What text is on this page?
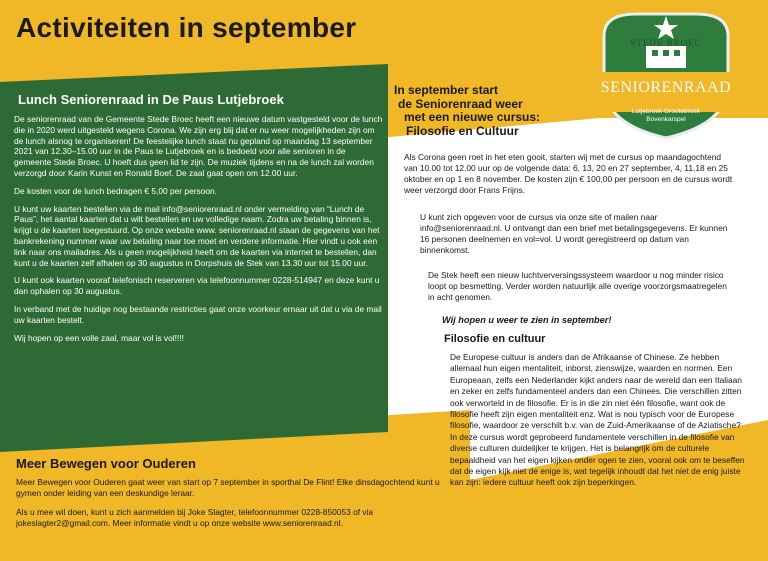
Activiteiten in september	STEDE BROEC
SENIORENRAAD
Lutjebroek Grootebroek
Bovenkarspel
Lunch Seniorenraad in De Paus Lutjebroek

De seniorenraad van de Gemeente Stede Broec heeft een nieuwe datum vastgesteld voor de lunch die in 2020 werd uitgesteld wegens Corona. We zijn erg blij dat er nu weer mogelijkheden zijn om de lunch alsnog te organiseren! De feestelijke lunch staat nu gepland op maandag 13 september 2021 van 12.30–15.00 uur in de Paus te Lutjebroek en is bedoeld voor alle senioren in de gemeente Stede Broec. U hoeft dus geen lid te zijn. De muziek tijdens en na de lunch zal worden verzorgd door Karin Kunst en Ronald Boef. De zaal gaat open om 12.00 uur.

De kosten voor de lunch bedragen € 5,00 per persoon.

U kunt uw kaarten bestellen via de mail info@seniorenraad.nl onder vermelding van “Lunch de Paus”, het aantal kaarten dat u wilt bestellen en uw volledige naam. Zodra uw betaling binnen is, krijgt u de kaarten toegestuurd. Op onze website www. seniorenraad.nl staan de gegevens van het bankrekening nummer waar uw betaling naar toe moet en verdere informatie. Hier vindt u ook een link naar ons mailadres. Als u geen mogelijkheid heeft om de kaarten via internet te bestellen, dan kunt u de kaarten zelf afhalen op 30 augustus in Dorpshuis de Stek van 13.30 uur tot 15.00 uur.

U kunt ook kaarten vooraf telefonisch reserveren via telefoonnummer 0228-514947 en deze kunt u dan ophalen op 30 augustus.

In verband met de huidige nog bestaande restricties gaat onze voorkeur ernaar uit dat u via de mail uw kaarten bestelt.

Wij hopen op een volle zaal, maar vol is vol!!!!

Meer Bewegen voor Ouderen

Meer Bewegen voor Ouderen gaat weer van start op 7 september in sporthal De Flint! Elke dinsdagochtend kunt u gymen onder leiding van een deskundige leraar.

Als u mee wil doen, kunt u zich aanmelden bij Joke Slagter, telefoonnummer 0228-850053 of via jokeslagter2@gmail.com. Meer informatie vindt u op onze website www.seniorenraad.nl.

In september start
de Seniorenraad weer
met een nieuwe cursus:
Filosofie en Cultuur
Als Corona geen roet in het eten gooit, starten wij met de cursus op maandagochtend van 10.00 tot 12.00 uur op de volgende data: 6, 13, 20 en 27 september, 4, 11,18 en 25 oktober en op 1 en 8 november. De kosten zijn € 100,00 per persoon en de cursus wordt weer verzorgd door Frans Frijns.
U kunt zich opgeven voor de cursus via onze site of mailen naar info@seniorenraad.nl. U ontvangt dan een brief met betalingsgegevens. Er kunnen 16 personen deelnemen en vol=vol. U wordt geregistreerd op datum van binnenkomst.
De Stek heeft een nieuw luchtverversingssysteem waardoor u nog minder risico loopt op besmetting. Verder worden natuurlijk alle overige voorzorgsmaatregelen in acht genomen.
Wij hopen u weer te zien in september!
Filosofie en cultuur
De Europese cultuur is anders dan de Afrikaanse of Chinese. Ze hebben allemaal hun eigen mentaliteit, inborst, zienswijze, waarden en normen. Een Europeaan, zelfs een Nederlander kijkt anders naar de wereld dan een Italiaan en zeker en zelfs fundamenteel anders dan een Chinees. Die verschillen zitten ook verworteld in de filosofie. Er is in die zin niet één filosofie, want ook de filosofie heeft zijn eigen mentaliteit enz. Wat is nou typisch voor de Europese filosofie, waardoor ze verschilt b.v. van de Zuid-Amerikaanse of de Aziatische? In deze cursus wordt geprobeerd fundamentele verschillen in de filosofie van diverse culturen duidelijker te krijgen. Het is belangrijk om de culturele bepaaldheid van het eigen kijken onder ogen te zien, vooral ook om te beseffen dat de eigen kijk niet de enige is, wat tegelijk inhoudt dat het niet de enig juiste kan zijn: iedere cultuur heeft ook zijn beperkingen.
